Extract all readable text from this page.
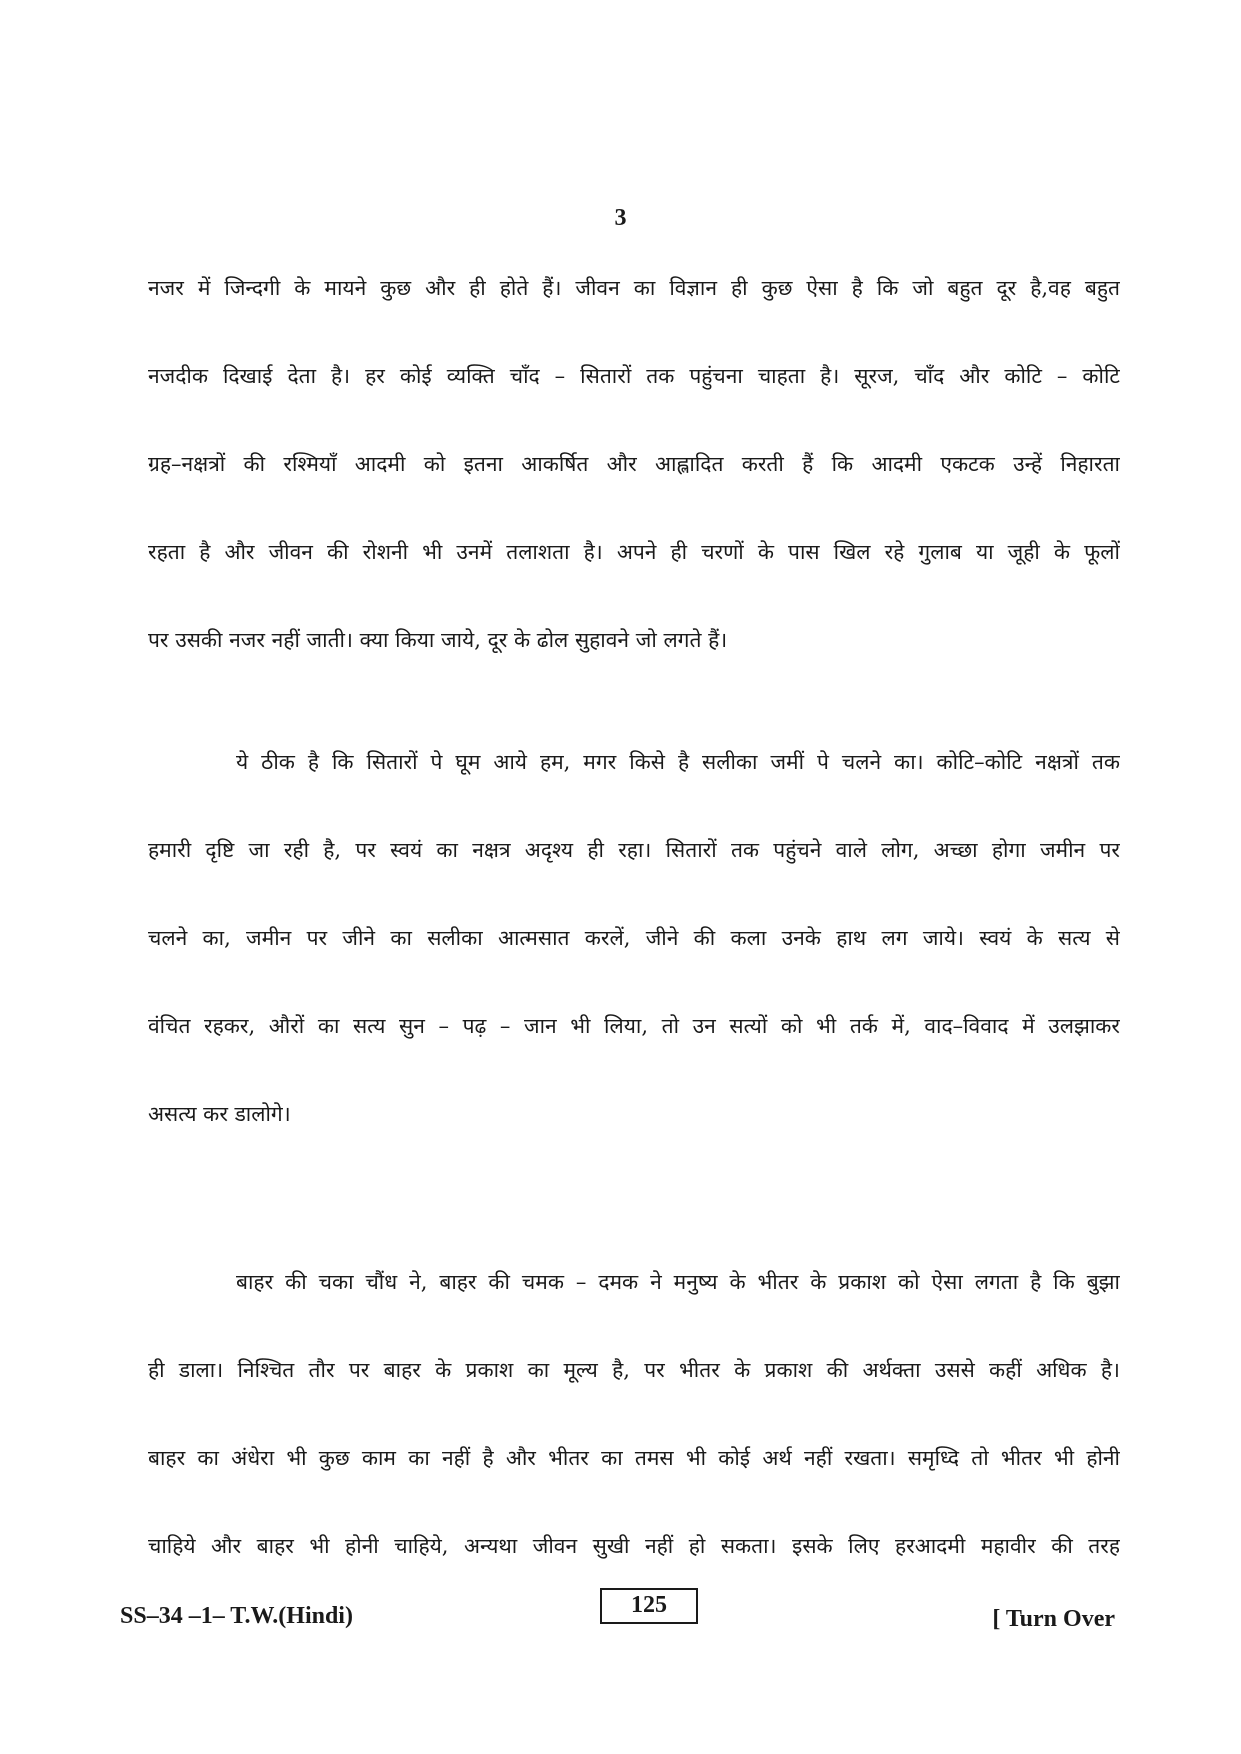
3
नजर में जिन्दगी के मायने कुछ और ही होते हैं। जीवन का विज्ञान ही कुछ ऐसा है कि जो बहुत दूर है,वह बहुत
नजदीक दिखाई देता है। हर कोई व्यक्ति चाँद – सितारों तक पहुंचना चाहता है। सूरज, चाँद और कोटि – कोटि
ग्रह–नक्षत्रों की रश्मियाँ आदमी को इतना आकर्षित और आह्लादित करती हैं कि आदमी एकटक उन्हें निहारता
रहता है और जीवन की रोशनी भी उनमें तलाशता है। अपने ही चरणों के पास खिल रहे गुलाब या जूही के फूलों
पर उसकी नजर नहीं जाती। क्या किया जाये, दूर के ढोल सुहावने जो लगते हैं।
ये ठीक है कि सितारों पे घूम आये हम, मगर किसे है सलीका जमीं पे चलने का। कोटि–कोटि नक्षत्रों तक
हमारी दृष्टि जा रही है, पर स्वयं का नक्षत्र अदृश्य ही रहा। सितारों तक पहुंचने वाले लोग, अच्छा होगा जमीन पर
चलने का, जमीन पर जीने का सलीका आत्मसात करलें, जीने की कला उनके हाथ लग जाये। स्वयं के सत्य से
वंचित रहकर, औरों का सत्य सुन – पढ़ – जान भी लिया, तो उन सत्यों को भी तर्क में, वाद–विवाद में उलझाकर
असत्य कर डालोगे।
बाहर की चका चौंध ने, बाहर की चमक – दमक ने मनुष्य के भीतर के प्रकाश को ऐसा लगता है कि बुझा
ही डाला। निश्चित तौर पर बाहर के प्रकाश का मूल्य है, पर भीतर के प्रकाश की अर्थक्ता उससे कहीं अधिक है।
बाहर का अंधेरा भी कुछ काम का नहीं है और भीतर का तमस भी कोई अर्थ नहीं रखता। समृध्दि तो भीतर भी होनी
चाहिये और बाहर भी होनी चाहिये, अन्यथा जीवन सुखी नहीं हो सकता। इसके लिए हरआदमी महावीर की तरह
SS–34 –1– T.W.(Hindi)	125
[ Turn Over
